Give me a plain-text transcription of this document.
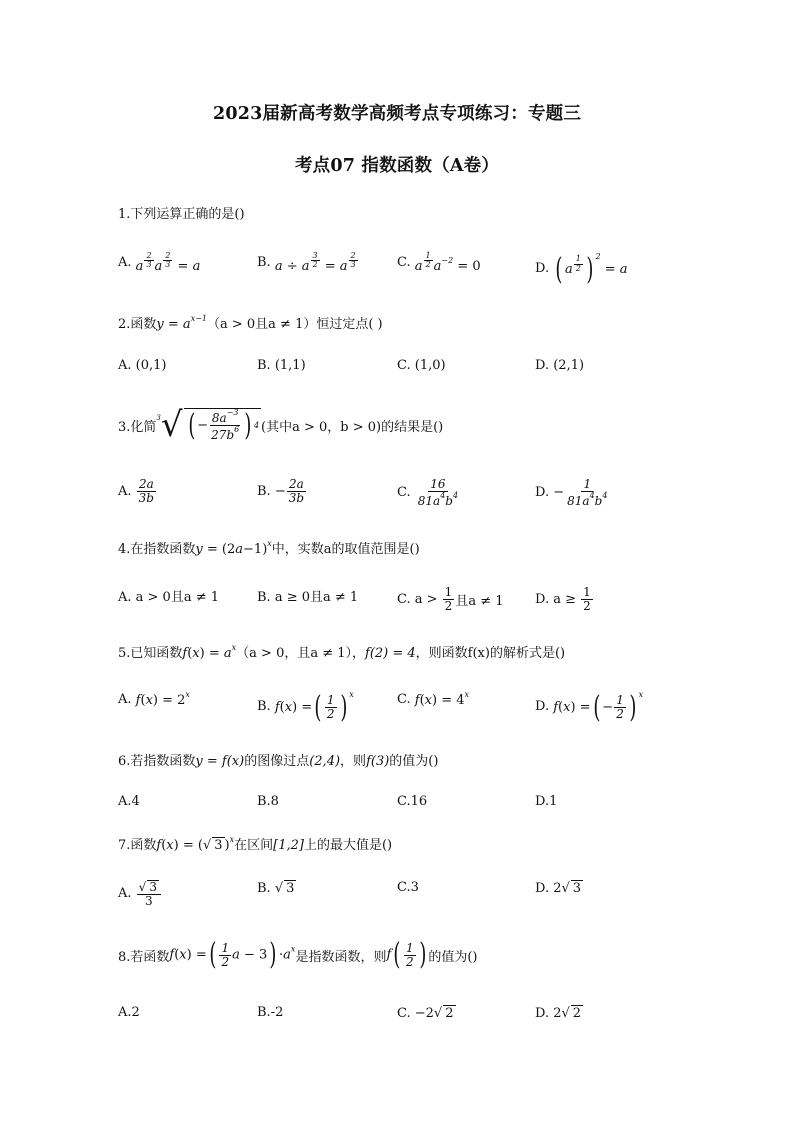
2023届新高考数学高频考点专项练习：专题三
考点07 指数函数（A卷）
1.下列运算正确的是()
A.
a $^{\frac{2}{3}}$ a $^{\frac{2}{3}}$ = a	B.
a ÷ a $^{\frac{3}{2}}$ = a $^{\frac{2}{3}}$	C.
a $^{\frac{1}{2}}$ $a^{-2} = 0$	D.
( a $^{\frac{1}{2}}$ ) $^2$ = a
2.函数$y = a^{x-1}(a > 0$且a ≠ 1）恒过定点( )
A. (0,1)	B. (1,1)	C. (1,0)	D. (2,1)
3.化简
3 √ ( − $\frac{8a^{-3}}{27b^6}$ ) 4 (其中a > 0，b > 0)的结果是()
A.
$\frac{2a}{3b}$	B. − $\frac{2a}{3b}$	C.
$\frac{16}{81a^4b^4}$	D. − $\frac{1}{81a^4b^4}$
4.在指数函数$y = (2a-1)^x$中，实数a的取值范围是()
A. a > 0且a ≠ 1	B. a ≥ 0且a ≠ 1	C. a >
$\frac{1}{2}$ 且a ≠ 1 D. a ≥
$\frac{1}{2}$
5.已知函数$f(x) = a^x(a > 0$，且a ≠ 1），f(2) = 4，则函数f(x)的解析式是()
A.
$f(x) = 2^x$
B.
f(x) =( $\frac{1}{2}$ ) $^x$	C.
$f(x) = 4^x$
D.
f(x) =( − $\frac{1}{2}$ ) $^x$
6.若指数函数y = f(x)的图像过点(2,4)，则f(3)的值为()
A.4	B.8	C.16	D.1
7.函数f(x) = (√ 3 )$^x$在区间[1,2]上的最大值是()
A.
$\frac{√ 3}{3}$	B.
√ 3	C.3	D. 2 √ 3
8.若函数 f(x) =( $\frac{1}{2}$ $a - 3) \cdot a^x$
是指数函数，则 $f( \frac{1}{2}$ ) 的值为()
A.2	B.-2	C. −2 √ 2	D. 2 √ 2
